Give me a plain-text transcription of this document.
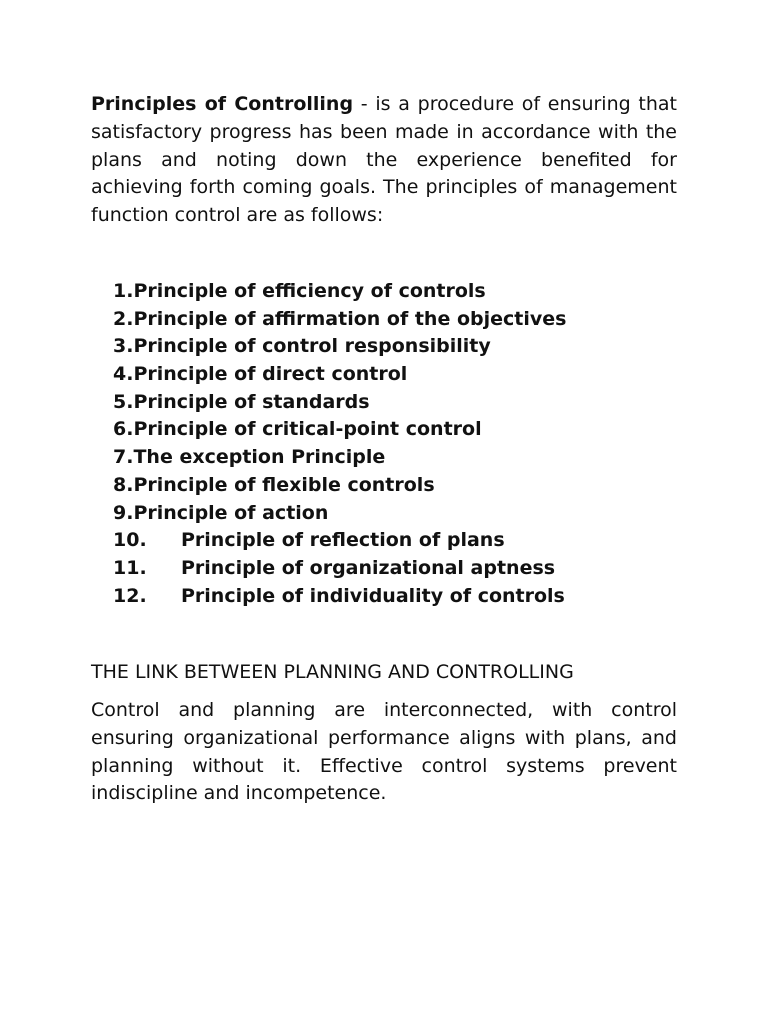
Principles of Controlling - is a procedure of ensuring that satisfactory progress has been made in accordance with the plans and noting down the experience benefited for achieving forth coming goals. The principles of management function control are as follows:

1.Principle of efficiency of controls
2.Principle of affirmation of the objectives
3.Principle of control responsibility
4.Principle of direct control
5.Principle of standards
6.Principle of critical-point control
7.The exception Principle
8.Principle of flexible controls
9.Principle of action
10. Principle of reflection of plans
11. Principle of organizational aptness
12. Principle of individuality of controls
THE LINK BETWEEN PLANNING AND CONTROLLING

Control and planning are interconnected, with control ensuring organizational performance aligns with plans, and planning without it. Effective control systems prevent indiscipline and incompetence.
